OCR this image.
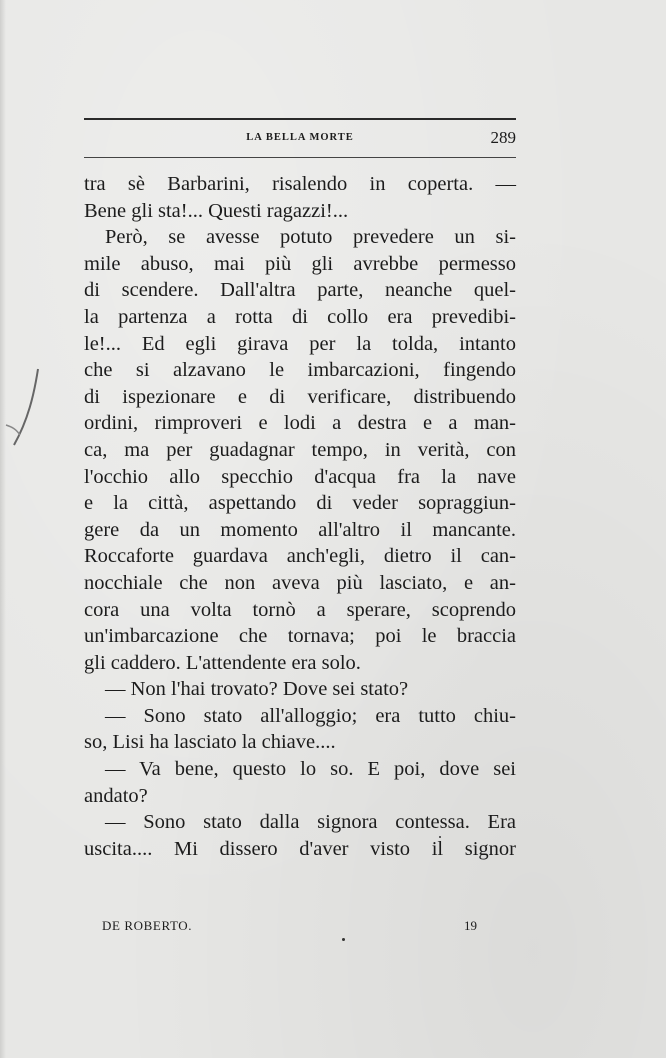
LA BELLA MORTE	289
tra sè Barbarini, risalendo in coperta. —
Bene gli sta!... Questi ragazzi!...
Però, se avesse potuto prevedere un si-
mile abuso, mai più gli avrebbe permesso
di scendere. Dall'altra parte, neanche quel-
la partenza a rotta di collo era prevedibi-
le!... Ed egli girava per la tolda, intanto
che si alzavano le imbarcazioni, fingendo
di ispezionare e di verificare, distribuendo
ordini, rimproveri e lodi a destra e a man-
ca, ma per guadagnar tempo, in verità, con
l'occhio allo specchio d'acqua fra la nave
e la città, aspettando di veder sopraggiun-
gere da un momento all'altro il mancante.
Roccaforte guardava anch'egli, dietro il can-
nocchiale che non aveva più lasciato, e an-
cora una volta tornò a sperare, scoprendo
un'imbarcazione che tornava; poi le braccia
gli caddero. L'attendente era solo.
— Non l'hai trovato? Dove sei stato?
— Sono stato all'alloggio; era tutto chiu-
so, Lisi ha lasciato la chiave....
— Va bene, questo lo so. E poi, dove sei
andato?
— Sono stato dalla signora contessa. Era
uscita.... Mi dissero d'aver visto il signor
DE ROBERTO.	19
